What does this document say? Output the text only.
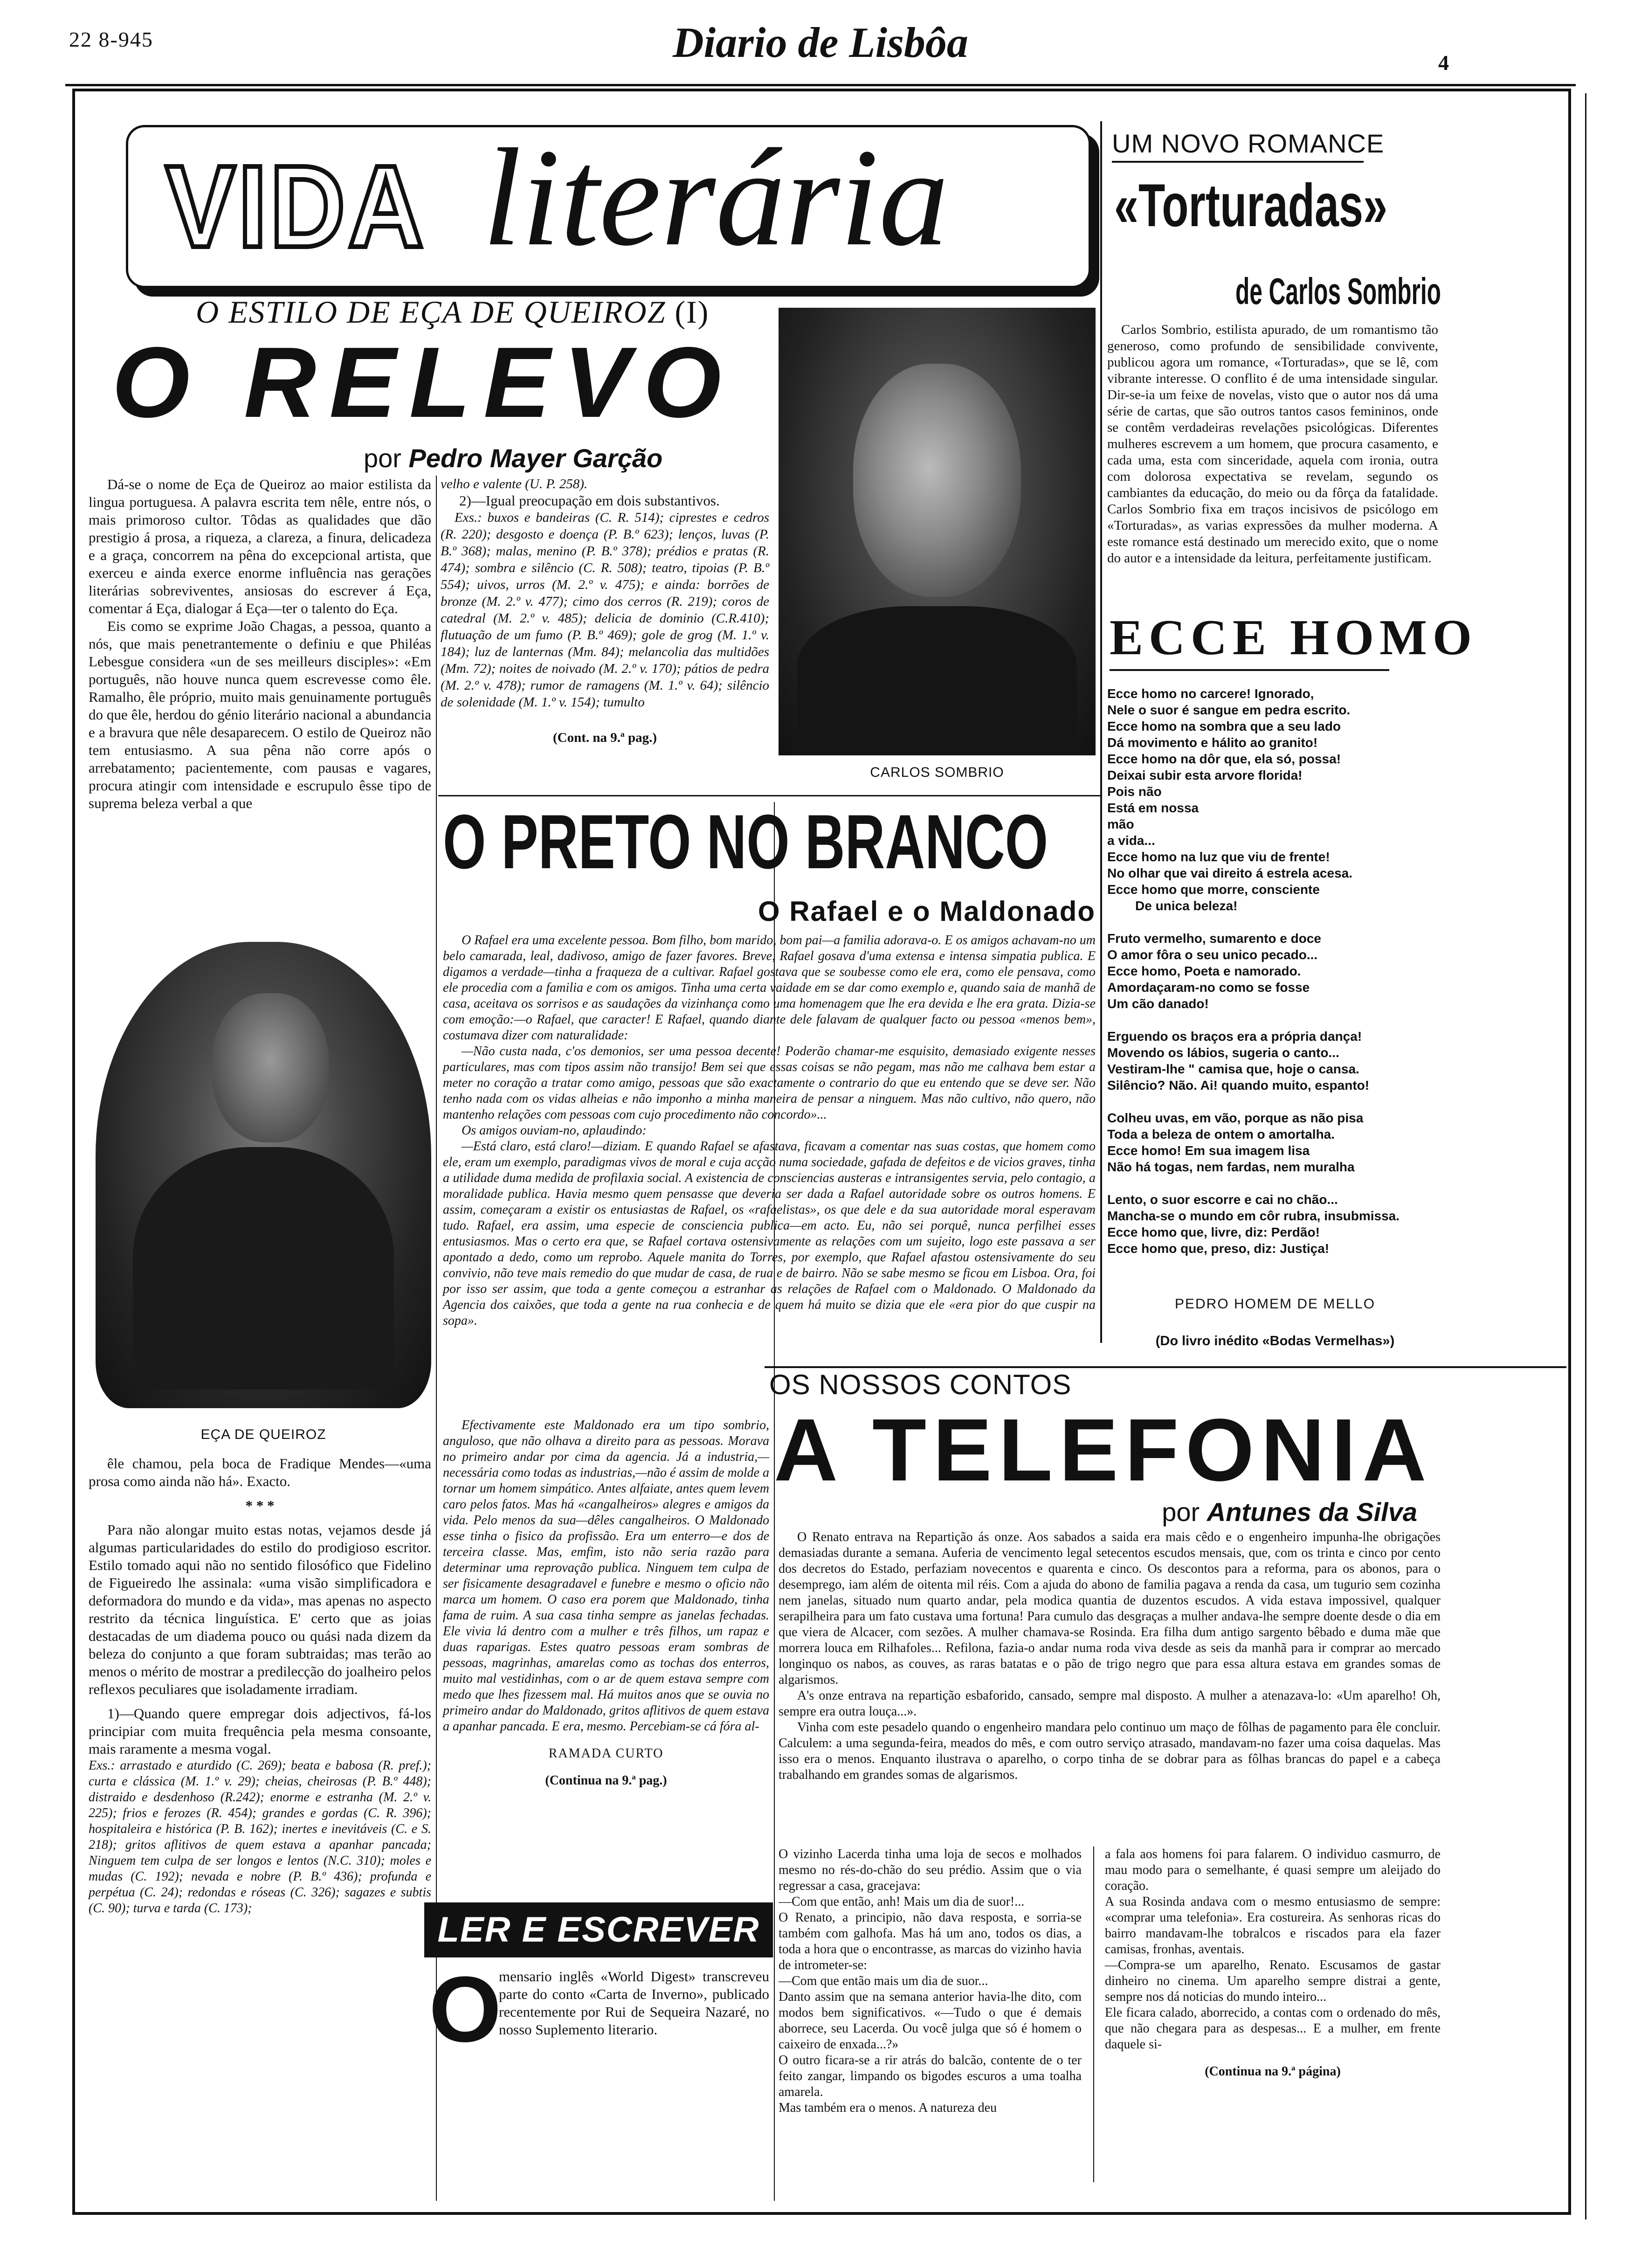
22 8-945	Diario de Lisbôa	4
VIDA literária
O ESTILO DE EÇA DE QUEIROZ (I)
O RELEVO
por Pedro Mayer Garção
Dá-se o nome de Eça de Queiroz ao maior estilista da lingua portuguesa. A palavra escrita tem nêle, entre nós, o mais primoroso cultor. Tôdas as qualidades que dão prestigio á prosa, a riqueza, a clareza, a finura, delicadeza e a graça, concorrem na pêna do excepcional artista, que exerceu e ainda exerce enorme influência nas gerações literárias sobreviventes, ansiosas do escrever á Eça, comentar á Eça, dialogar á Eça—ter o talento do Eça.
Eis como se exprime João Chagas, a pessoa, quanto a nós, que mais penetrantemente o definiu e que Philéas Lebesgue considera «un de ses meilleurs disciples»: «Em português, não houve nunca quem escrevesse como êle. Ramalho, êle próprio, muito mais genuinamente português do que êle, herdou do génio literário nacional a abundancia e a bravura que nêle desaparecem. O estilo de Queiroz não tem entusiasmo. A sua pêna não corre após o arrebatamento; pacientemente, com pausas e vagares, procura atingir com intensidade e escrupulo êsse tipo de suprema beleza verbal a que
velho e valente (U. P. 258).
2)—Igual preocupação em dois substantivos.
Exs.: buxos e bandeiras (C. R. 514); ciprestes e cedros (R. 220); desgosto e doença (P. B.º 623); lenços, luvas (P. B.º 368); malas, menino (P. B.º 378); prédios e pratas (R. 474); sombra e silêncio (C. R. 508); teatro, tipoias (P. B.º 554); uivos, urros (M. 2.º v. 475); e ainda: borrões de bronze (M. 2.º v. 477); cimo dos cerros (R. 219); coros de catedral (M. 2.º v. 485); delicia de dominio (C.R.410); flutuação de um fumo (P. B.º 469); gole de grog (M. 1.º v. 184); luz de lanternas (Mm. 84); melancolia das multidões (Mm. 72); noites de noivado (M. 2.º v. 170); pátios de pedra (M. 2.º v. 478); rumor de ramagens (M. 1.º v. 64); silêncio de solenidade (M. 1.º v. 154); tumulto
(Cont. na 9.ª pag.)
EÇA DE QUEIROZ
êle chamou, pela boca de Fradique Mendes—«uma prosa como ainda não há». Exacto.
* * *
Para não alongar muito estas notas, vejamos desde já algumas particularidades do estilo do prodigioso escritor. Estilo tomado aqui não no sentido filosófico que Fidelino de Figueiredo lhe assinala: «uma visão simplificadora e deformadora do mundo e da vida», mas apenas no aspecto restrito da técnica linguística. E' certo que as joias destacadas de um diadema pouco ou quási nada dizem da beleza do conjunto a que foram subtraidas; mas terão ao menos o mérito de mostrar a predilecção do joalheiro pelos reflexos peculiares que isoladamente irradiam.
1)—Quando quere empregar dois adjectivos, fá-los principiar com muita frequência pela mesma consoante, mais raramente a mesma vogal.
Exs.: arrastado e aturdido (C. 269); beata e babosa (R. pref.); curta e clássica (M. 1.º v. 29); cheias, cheirosas (P. B.º 448); distraido e desdenhoso (R.242); enorme e estranha (M. 2.º v. 225); frios e ferozes (R. 454); grandes e gordas (C. R. 396); hospitaleira e histórica (P. B. 162); inertes e inevitáveis (C. e S. 218); gritos aflitivos de quem estava a apanhar pancada; Ninguem tem culpa de ser longos e lentos (N.C. 310); moles e mudas (C. 192); nevada e nobre (P. B.º 436); profunda e perpétua (C. 24); redondas e róseas (C. 326); sagazes e subtis (C. 90); turva e tarda (C. 173);
CARLOS SOMBRIO
O PRETO NO BRANCO
O Rafael e o Maldonado
O Rafael era uma excelente pessoa. Bom filho, bom marido, bom pai—a familia adorava-o. E os amigos achavam-no um belo camarada, leal, dadivoso, amigo de fazer favores. Breve, Rafael gosava d'uma extensa e intensa simpatia publica. E digamos a verdade—tinha a fraqueza de a cultivar. Rafael gostava que se soubesse como ele era, como ele pensava, como ele procedia com a familia e com os amigos. Tinha uma certa vaidade em se dar como exemplo e, quando saia de manhã de casa, aceitava os sorrisos e as saudações da vizinhança como uma homenagem que lhe era devida e lhe era grata. Dizia-se com emoção:—o Rafael, que caracter! E Rafael, quando diante dele falavam de qualquer facto ou pessoa «menos bem», costumava dizer com naturalidade:
—Não custa nada, c'os demonios, ser uma pessoa decente! Poderão chamar-me esquisito, demasiado exigente nesses particulares, mas com tipos assim não transijo! Bem sei que essas coisas se não pegam, mas não me calhava bem estar a meter no coração a tratar como amigo, pessoas que são exactamente o contrario do que eu entendo que se deve ser. Não tenho nada com os vidas alheias e não imponho a minha maneira de pensar a ninguem. Mas não cultivo, não quero, não mantenho relações com pessoas com cujo procedimento não concordo»...
Os amigos ouviam-no, aplaudindo:
—Está claro, está claro!—diziam. E quando Rafael se afastava, ficavam a comentar nas suas costas, que homem como ele, eram um exemplo, paradigmas vivos de moral e cuja acção numa sociedade, gafada de defeitos e de vicios graves, tinha a utilidade duma medida de profilaxia social. A existencia de consciencias austeras e intransigentes servia, pelo contagio, a moralidade publica. Havia mesmo quem pensasse que deveria ser dada a Rafael autoridade sobre os outros homens. E assim, começaram a existir os entusiastas de Rafael, os «rafaelistas», os que dele e da sua autoridade moral esperavam tudo. Rafael, era assim, uma especie de consciencia publica—em acto. Eu, não sei porquê, nunca perfilhei esses entusiasmos. Mas o certo era que, se Rafael cortava ostensivamente as relações com um sujeito, logo este passava a ser apontado a dedo, como um reprobo. Aquele manita do Torres, por exemplo, que Rafael afastou ostensivamente do seu convivio, não teve mais remedio do que mudar de casa, de rua e de bairro. Não se sabe mesmo se ficou em Lisboa. Ora, foi por isso ser assim, que toda a gente começou a estranhar as relações de Rafael com o Maldonado. O Maldonado da Agencia dos caixões, que toda a gente na rua conhecia e de quem há muito se dizia que ele «era pior do que cuspir na sopa».
Efectivamente este Maldonado era um tipo sombrio, anguloso, que não olhava a direito para as pessoas. Morava no primeiro andar por cima da agencia. Já a industria,—necessária como todas as industrias,—não é assim de molde a tornar um homem simpático. Antes alfaiate, antes quem levem caro pelos fatos. Mas há «cangalheiros» alegres e amigos da vida. Pelo menos da sua—dêles cangalheiros. O Maldonado esse tinha o fisico da profissão. Era um enterro—e dos de terceira classe. Mas, emfim, isto não seria razão para determinar uma reprovação publica. Ninguem tem culpa de ser fisicamente desagradavel e funebre e mesmo o oficio não marca um homem. O caso era porem que Maldonado, tinha fama de ruim. A sua casa tinha sempre as janelas fechadas. Ele vivia lá dentro com a mulher e três filhos, um rapaz e duas raparigas. Estes quatro pessoas eram sombras de pessoas, magrinhas, amarelas como as tochas dos enterros, muito mal vestidinhas, com o ar de quem estava sempre com medo que lhes fizessem mal. Há muitos anos que se ouvia no primeiro andar do Maldonado, gritos aflitivos de quem estava a apanhar pancada. E era, mesmo. Percebiam-se cá fóra al-
RAMADA CURTO
(Continua na 9.ª pag.)
LER E ESCREVER
O
mensario inglês «World Digest» transcreveu parte do conto «Carta de Inverno», publicado recentemente por Rui de Sequeira Nazaré, no nosso Suplemento literario.
UM NOVO ROMANCE
«Torturadas»
de Carlos Sombrio
Carlos Sombrio, estilista apurado, de um romantismo tão generoso, como profundo de sensibilidade convivente, publicou agora um romance, «Torturadas», que se lê, com vibrante interesse. O conflito é de uma intensidade singular. Dir-se-ia um feixe de novelas, visto que o autor nos dá uma série de cartas, que são outros tantos casos femininos, onde se contêm verdadeiras revelações psicológicas. Diferentes mulheres escrevem a um homem, que procura casamento, e cada uma, esta com sinceridade, aquela com ironia, outra com dolorosa expectativa se revelam, segundo os cambiantes da educação, do meio ou da fôrça da fatalidade. Carlos Sombrio fixa em traços incisivos de psicólogo em «Torturadas», as varias expressões da mulher moderna. A este romance está destinado um merecido exito, que o nome do autor e a intensidade da leitura, perfeitamente justificam.
ECCE HOMO
Ecce homo no carcere! Ignorado,
Nele o suor é sangue em pedra escrito.
Ecce homo na sombra que a seu lado
Dá movimento e hálito ao granito!
Ecce homo na dôr que, ela só, possa!
Deixai subir esta arvore florida!
Pois não
Está em nossa
mão
a vida...
Ecce homo na luz que viu de frente!
No olhar que vai direito á estrela acesa.
Ecce homo que morre, consciente
De unica beleza!
Fruto vermelho, sumarento e doce
O amor fôra o seu unico pecado...
Ecce homo, Poeta e namorado.
Amordaçaram-no como se fosse
Um cão danado!
Erguendo os braços era a própria dança!
Movendo os lábios, sugeria o canto...
Vestiram-lhe " camisa que, hoje o cansa.
Silêncio? Não. Ai! quando muito, espanto!
Colheu uvas, em vão, porque as não pisa
Toda a beleza de ontem o amortalha.
Ecce homo! Em sua imagem lisa
Não há togas, nem fardas, nem muralha
Lento, o suor escorre e cai no chão...
Mancha-se o mundo em côr rubra, insubmissa.
Ecce homo que, livre, diz: Perdão!
Ecce homo que, preso, diz: Justiça!
PEDRO HOMEM DE MELLO
(Do livro inédito «Bodas Vermelhas»)
OS NOSSOS CONTOS
A TELEFONIA
por Antunes da Silva
O Renato entrava na Repartição ás onze. Aos sabados a saida era mais cêdo e o engenheiro impunha-lhe obrigações demasiadas durante a semana. Auferia de vencimento legal setecentos escudos mensais, que, com os trinta e cinco por cento dos decretos do Estado, perfaziam novecentos e quarenta e cinco. Os descontos para a reforma, para os abonos, para o desemprego, iam além de oitenta mil réis. Com a ajuda do abono de familia pagava a renda da casa, um tugurio sem cozinha nem janelas, situado num quarto andar, pela modica quantia de duzentos escudos. A vida estava impossivel, qualquer serapilheira para um fato custava uma fortuna! Para cumulo das desgraças a mulher andava-lhe sempre doente desde o dia em que viera de Alcacer, com sezões. A mulher chamava-se Rosinda. Era filha dum antigo sargento bêbado e duma mãe que morrera louca em Rilhafoles... Refilona, fazia-o andar numa roda viva desde as seis da manhã para ir comprar ao mercado longinquo os nabos, as couves, as raras batatas e o pão de trigo negro que para essa altura estava em grandes somas de algarismos.
A's onze entrava na repartição esbaforido, cansado, sempre mal disposto. A mulher a atenazava-lo: «Um aparelho! Oh, sempre era outra louça...».
Vinha com este pesadelo quando o engenheiro mandara pelo continuo um maço de fôlhas de pagamento para êle concluir. Calculem: a uma segunda-feira, meados do mês, e com outro serviço atrasado, mandavam-no fazer uma coisa daquelas. Mas isso era o menos. Enquanto ilustrava o aparelho, o corpo tinha de se dobrar para as fôlhas brancas do papel e a cabeça trabalhando em grandes somas de algarismos.
O vizinho Lacerda tinha uma loja de secos e molhados mesmo no rés-do-chão do seu prédio. Assim que o via regressar a casa, gracejava:
—Com que então, anh! Mais um dia de suor!...
O Renato, a principio, não dava resposta, e sorria-se também com galhofa. Mas há um ano, todos os dias, a toda a hora que o encontrasse, as marcas do vizinho havia de intrometer-se:
—Com que então mais um dia de suor...
Danto assim que na semana anterior havia-lhe dito, com modos bem significativos. «—Tudo o que é demais aborrece, seu Lacerda. Ou você julga que só é homem o caixeiro de enxada...?»
O outro ficara-se a rir atrás do balcão, contente de o ter feito zangar, limpando os bigodes escuros a uma toalha amarela.
Mas também era o menos. A natureza deu
a fala aos homens foi para falarem. O individuo casmurro, de mau modo para o semelhante, é quasi sempre um aleijado do coração.
A sua Rosinda andava com o mesmo entusiasmo de sempre: «comprar uma telefonia». Era costureira. As senhoras ricas do bairro mandavam-lhe tobralcos e riscados para ela fazer camisas, fronhas, aventais.
—Compra-se um aparelho, Renato. Escusamos de gastar dinheiro no cinema. Um aparelho sempre distrai a gente, sempre nos dá noticias do mundo inteiro...
Ele ficara calado, aborrecido, a contas com o ordenado do mês, que não chegara para as despesas... E a mulher, em frente daquele si-
(Continua na 9.ª página)
